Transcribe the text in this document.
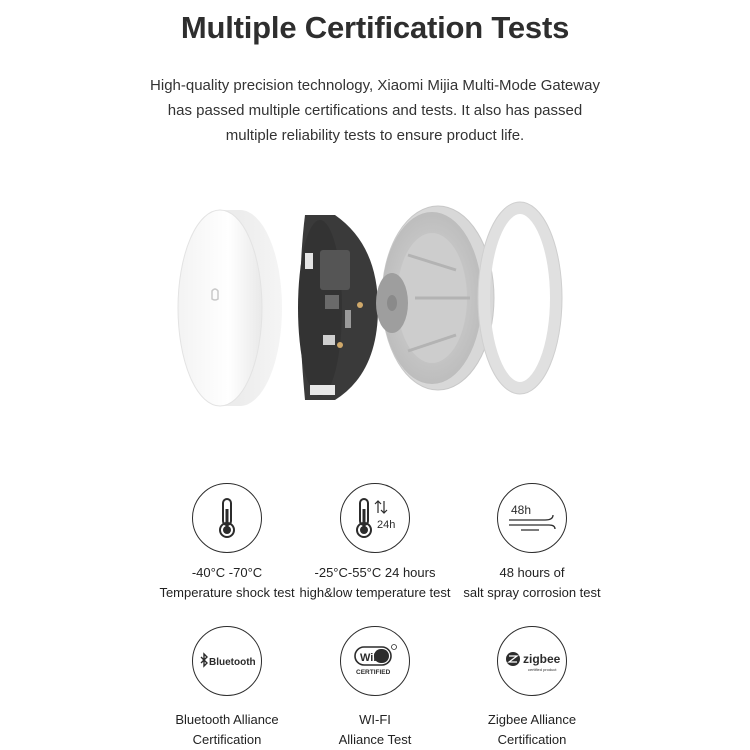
Multiple Certification Tests
High-quality precision technology, Xiaomi Mijia Multi-Mode Gateway
has passed multiple certifications and tests. It also has passed
multiple reliability tests to ensure product life.
-40°C -70°C
Temperature shock test
24h
-25°C-55°C 24 hours
high&low temperature test
48h
48 hours of
salt spray corrosion test
Bluetooth
Bluetooth Alliance
Certification
WiFi
CERTIFIED
WI-FI
Alliance Test
zigbee
certified product
Zigbee Alliance
Certification
